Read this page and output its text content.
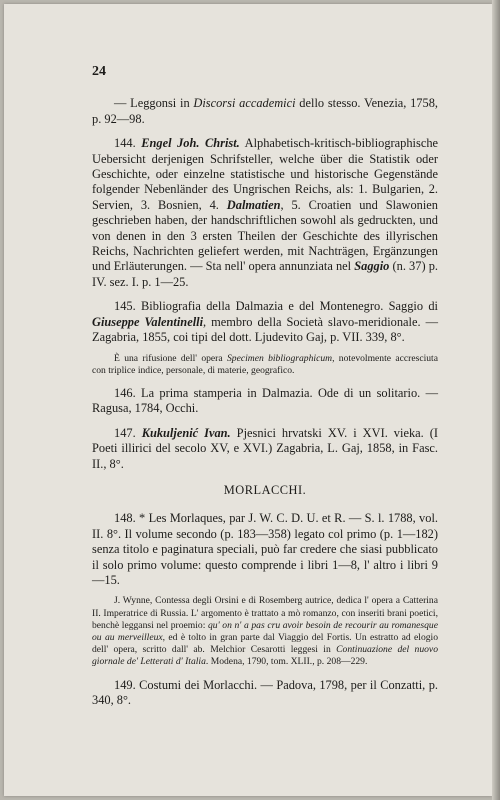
24

— Leggonsi in Discorsi accademici dello stesso. Venezia, 1758, p. 92—98.

144. Engel Joh. Christ. Alphabetisch-kritisch-bibliographische Uebersicht derjenigen Schrifsteller, welche über die Statistik oder Geschichte, oder einzelne statistische und historische Gegenstände folgender Nebenländer des Ungrischen Reichs, als: 1. Bulgarien, 2. Servien, 3. Bosnien, 4. Dalmatien, 5. Croatien und Slawonien geschrieben haben, der handschriftlichen sowohl als gedruckten, und von denen in den 3 ersten Theilen der Geschichte des illyrischen Reichs, Nachrichten geliefert werden, mit Nachträgen, Ergänzungen und Erläuterungen. — Sta nell' opera annunziata nel Saggio (n. 37) p. IV. sez. I. p. 1—25.

145. Bibliografia della Dalmazia e del Montenegro. Saggio di Giuseppe Valentinelli, membro della Società slavo-meridionale. — Zagabria, 1855, coi tipi del dott. Ljudevito Gaj, p. VII. 339, 8°.

È una rifusione dell' opera Specimen bibliographicum, notevolmente accresciuta con triplice indice, personale, di materie, geografico.

146. La prima stamperia in Dalmazia. Ode di un solitario. — Ragusa, 1784, Occhi.

147. Kukuljenić Ivan. Pjesnici hrvatski XV. i XVI. vieka. (I Poeti illirici del secolo XV, e XVI.) Zagabria, L. Gaj, 1858, in Fasc. II., 8°.

MORLACCHI.

148. * Les Morlaques, par J. W. C. D. U. et R. — S. l. 1788, vol. II. 8°. Il volume secondo (p. 183—358) legato col primo (p. 1—182) senza titolo e paginatura speciali, può far credere che siasi pubblicato il solo primo volume: questo comprende i libri 1—8, l' altro i libri 9—15.

J. Wynne, Contessa degli Orsini e di Rosemberg autrice, dedica l' opera a Catterina II. Imperatrice di Russia. L' argomento è trattato a mò romanzo, con inseriti brani poetici, benchè leggansi nel proemio: qu' on n' a pas cru avoir besoin de recourir au romanesque ou au merveilleux, ed è tolto in gran parte dal Viaggio del Fortis. Un estratto ad elogio dell' opera, scritto dall' ab. Melchior Cesarotti leggesi in Continuazione del nuovo giornale de' Letterati d' Italia. Modena, 1790, tom. XLII., p. 208—229.

149. Costumi dei Morlacchi. — Padova, 1798, per il Conzatti, p. 340, 8°.
